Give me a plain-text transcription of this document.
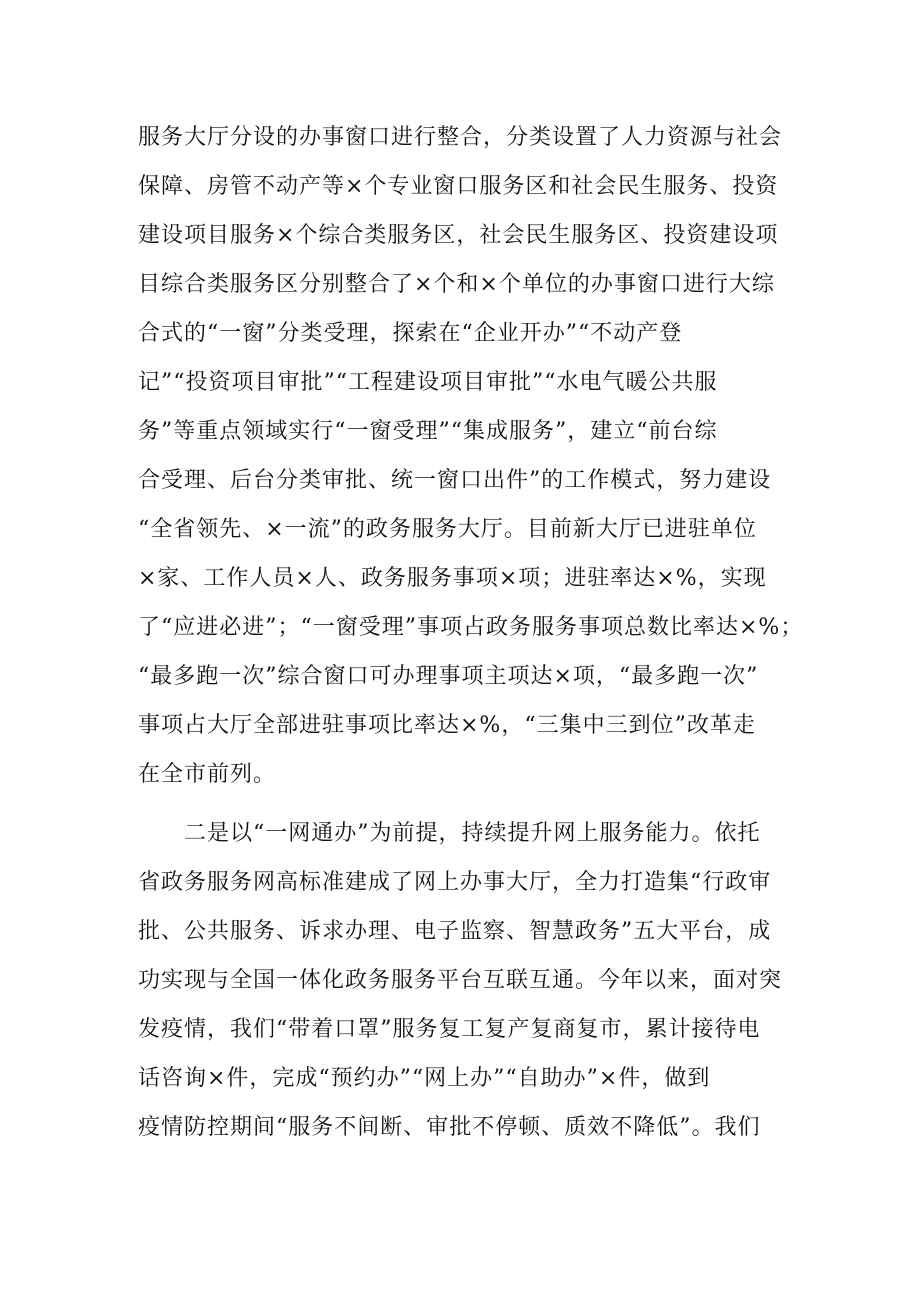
服务大厅分设的办事窗口进行整合，分类设置了人力资源与社会
保障、房管不动产等×个专业窗口服务区和社会民生服务、投资
建设项目服务×个综合类服务区，社会民生服务区、投资建设项
目综合类服务区分别整合了×个和×个单位的办事窗口进行大综
合式的“一窗”分类受理，探索在“企业开办”“不动产登
记”“投资项目审批”“工程建设项目审批”“水电气暖公共服
务”等重点领域实行“一窗受理”“集成服务”，建立“前台综
合受理、后台分类审批、统一窗口出件”的工作模式，努力建设
“全省领先、×一流”的政务服务大厅。目前新大厅已进驻单位
×家、工作人员×人、政务服务事项×项；进驻率达×%，实现
了“应进必进”；“一窗受理”事项占政务服务事项总数比率达×%；
“最多跑一次”综合窗口可办理事项主项达×项，“最多跑一次”
事项占大厅全部进驻事项比率达×%，“三集中三到位”改革走
在全市前列。
　　二是以“一网通办”为前提，持续提升网上服务能力。依托
省政务服务网高标准建成了网上办事大厅，全力打造集“行政审
批、公共服务、诉求办理、电子监察、智慧政务”五大平台，成
功实现与全国一体化政务服务平台互联互通。今年以来，面对突
发疫情，我们“带着口罩”服务复工复产复商复市，累计接待电
话咨询×件，完成“预约办”“网上办”“自助办”×件，做到
疫情防控期间“服务不间断、审批不停顿、质效不降低”。我们
